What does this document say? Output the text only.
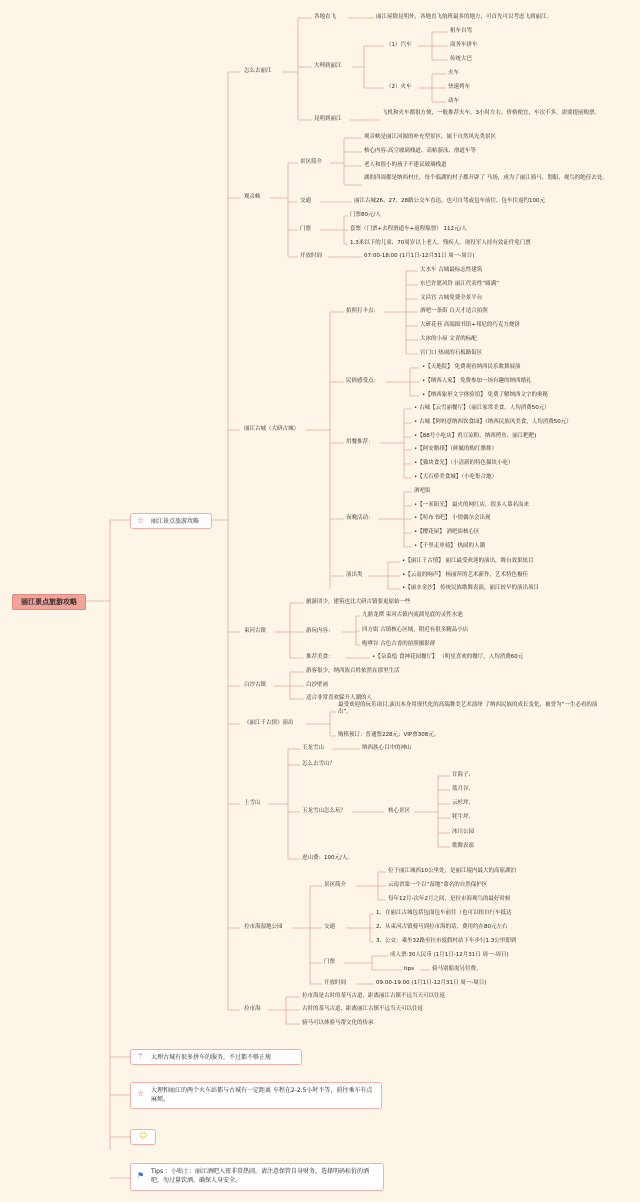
丽江景点旅游攻略
☆ 丽江景点旅游攻略
怎么去丽江
各地直飞	丽江屋除昆明外，各地直飞航班最多的地方，可首先可以考虑飞到丽江。
大理到丽江
（1）汽车
租车自驾
商务车拼车
传统大巴
（2）火车
火车
快速列车
动车
昆明到丽江
飞机和火车都很方便，一般推荐火车，3小时左右。价格便宜，车次不多，需要提前购票。
观音峡
景区简介
观音峡是丽江河源的补充型景区，属于自然风光类景区
核心内容:高空玻璃栈道、高帖游泳、滑道车等
老人和很小的孩子不建议玻璃栈道
湖的四周都是纳西村庄，每个临湖的村子都开辟了 马场，成为了丽江骑马、划船、观鸟的绝佳去处。
交通	丽江古城26、27、28路公交车直达，也可自驾或包车前往，包车往返约100元
门票
门票80元/人
套票（门票+去程滑道车+返程船票） 112元/人
1.3米以下的儿童、70周岁以上老人、残疾人、现役军人持有效证件免门票
开放时间	07:00-18:00 (1月1日-12月31日 周一-周日)
丽江古城（大研古城）
拍照打卡点：
大水车 古城最标志性建筑
东巴许愿风铃 丽江代表性“圆满”
文昌宫 古城免费全景平台
酒吧一条街 白天才适合拍照
大研花巷 高端图书馆+邦尼的巧克力烧饼
大冰的小屋 文青的标配
官门口 热闹的石板路街区
民俗感受点：
•【天地院】 免费观看纳西民乐歌舞展演
•【纳西人家】 免费参加一场有趣的纳西婚礼
•【纳西象形文字体验馆】 免费了解纳西文字的奥秘
用餐推荐：
• 古城【云雪丽餐厅】（丽江家常美食，人均消费50元）
• 古城【阿妈意纳西饮食园】（纳西民族风美食，人均消费50元）
•【88号小吃店】鸡豆凉粉、纳西烤鱼、丽江粑粑)
•【阿安腊排】（鲜腻的购红腊排）
•【猫块食光】（小清新的特色猫块小吃）
•【大石桥美食城】（小吃集合地）
夜晚活动：
酒吧街
•【一米阳光】 最火的网红店，很多人慕名而来
•【喧布书吧】 小情偶尔会出现
•【樱花屋】 酒吧街核心区
•【千里走单骑】 热闹的人潮
演出类
•【丽江千古情】 丽江最受欢迎的演出，舞台效果炫目
•【云南的响声】 杨丽萍的艺术新作，艺术特色极佳
•【丽水金沙】 传统民族歌舞表演，丽江较早的演出项目
束河古镇
旅游团少，建筑也比大研古镇要更原始一些
游玩内容：
九鼎龙潭 束河古镇内流淌见底的灵性水池
四方街 古镇核心区域，附近有很多精品小店
咆哮谷 古色古香的拍照摄影群
推荐美食：	•【杂菜烩 食神花园餐厅】 （明星喜欢的餐厅，人均消费60元
白沙古镇
游客很少，纳西族百姓依然在那里生活
白沙壁画
适合非常喜欢躲开人潮的人
《丽江千古情》演出
最受欢迎的玩乐项目,演出本身用现代化的高端舞美艺术演绎 了纳西民族的成长变化，被誉为“一生必看的演出”。
购格预订：普通票228元；VIP票308元。
上雪山
玉龙雪山	纳西族心目中的神山
怎么去雪山？
玉龙雪山怎么玩？	核心景区
甘海子、
蓝月谷、
云杉坪、
牦牛坪、
冰川公园
歌舞表演
进山费：100元/人。
拉市海湿地公园
景区简介
位于丽江城西10公里处，是丽江境内最大的高原湖泊
云南省第一个以“湿地”命名的自然保护区
每年12月-次年2月之间，是拉市海观鸟的最好时候
交通
1、在丽江古城包括包面包车前往（也可以租自行车抵达
2、从束河古镇骑马到拉市海的话，费用约在80元左右
3、公交：乘坐32路至拉市度假村站下车步行1.3公里即到
门票
成人票:30人民币 (1月1日-12月31日 周一-周日)
tips	骑马别船需另付费。
开放时间	09:00-19:00 (1月1日-12月31日 周一-周日)
拉市海
拉市海是古时的茶马古道，距离丽江古镇不远当天可以往返
古时的茶马古道，距离丽江古镇不远当天可以往返
骑马可以体验马帮文化的传承
⚚ 大理古城有很多拼车的服务，不过都不够正规
☆ 大理和丽江的两个火车站都与古城有一定距离 车程在2-2.5小时不等，前往乘车有点麻烦。
☺
⚑ Tips ：小贴士：丽江酒吧入夜非常热闹，请注意保管自身财务，选择明码标价的酒吧，勿过量饮酒，确保人身安全。
